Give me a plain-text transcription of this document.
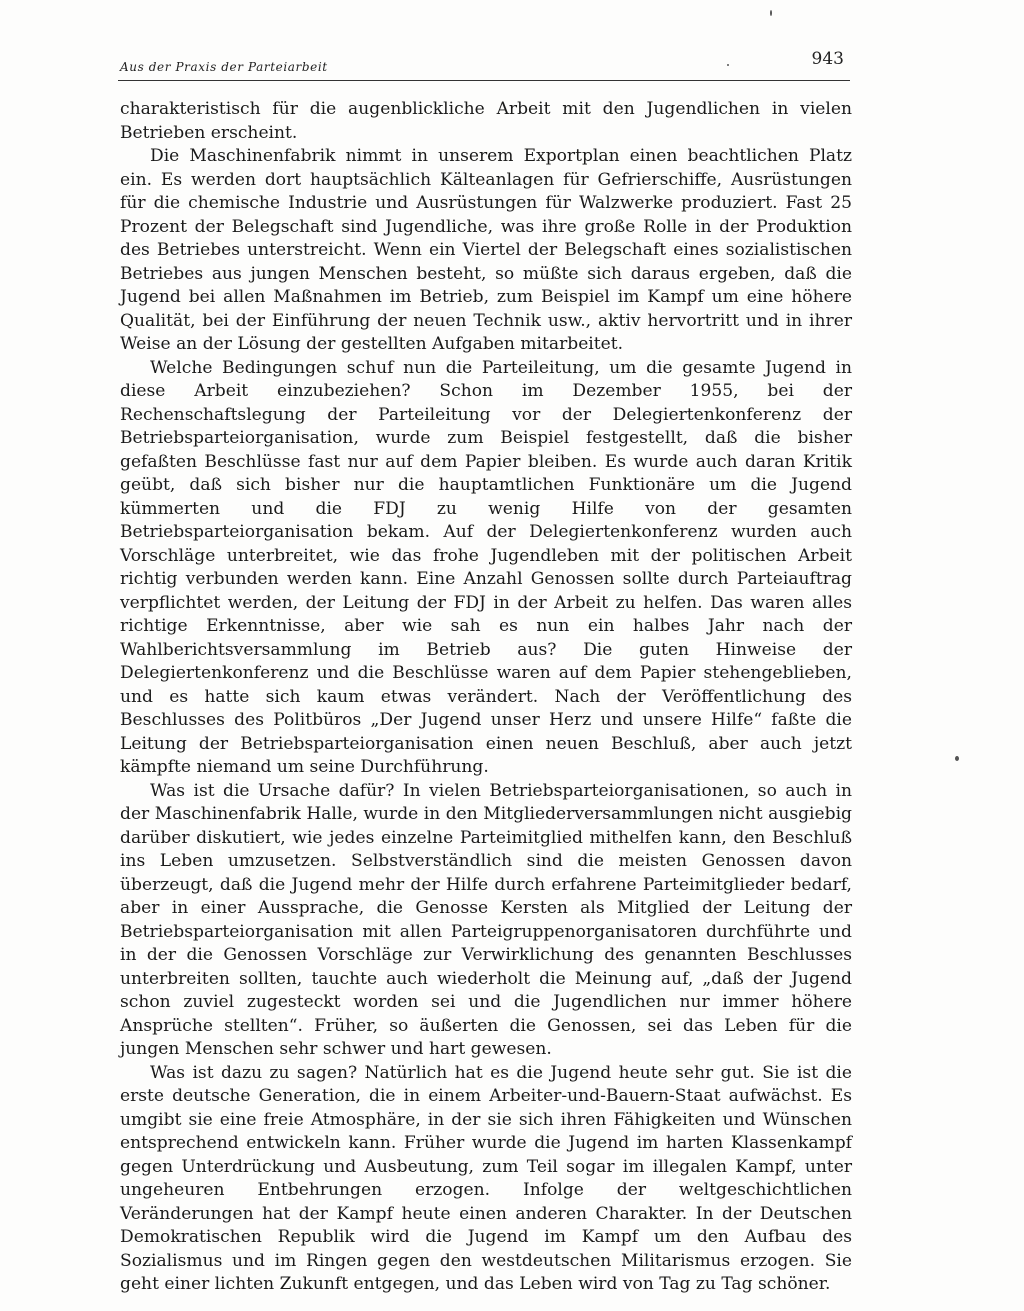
Aus der Praxis der Parteiarbeit	943

charakteristisch für die augenblickliche Arbeit mit den Jugendlichen in vielen Betrieben erscheint.

Die Maschinenfabrik nimmt in unserem Exportplan einen beachtlichen Platz ein. Es werden dort hauptsächlich Kälteanlagen für Gefrierschiffe, Ausrüstungen für die chemische Industrie und Ausrüstungen für Walzwerke produziert. Fast 25 Prozent der Belegschaft sind Jugendliche, was ihre große Rolle in der Produktion des Betriebes unterstreicht. Wenn ein Viertel der Belegschaft eines sozialistischen Betriebes aus jungen Menschen besteht, so müßte sich daraus ergeben, daß die Jugend bei allen Maßnahmen im Betrieb, zum Beispiel im Kampf um eine höhere Qualität, bei der Einführung der neuen Technik usw., aktiv hervortritt und in ihrer Weise an der Lösung der gestellten Aufgaben mitarbeitet.

Welche Bedingungen schuf nun die Parteileitung, um die gesamte Jugend in diese Arbeit einzubeziehen? Schon im Dezember 1955, bei der Rechenschaftslegung der Parteileitung vor der Delegiertenkonferenz der Betriebsparteiorganisation, wurde zum Beispiel festgestellt, daß die bisher gefaßten Beschlüsse fast nur auf dem Papier bleiben. Es wurde auch daran Kritik geübt, daß sich bisher nur die hauptamtlichen Funktionäre um die Jugend kümmerten und die FDJ zu wenig Hilfe von der gesamten Betriebsparteiorganisation bekam. Auf der Delegiertenkonferenz wurden auch Vorschläge unterbreitet, wie das frohe Jugendleben mit der politischen Arbeit richtig verbunden werden kann. Eine Anzahl Genossen sollte durch Parteiauftrag verpflichtet werden, der Leitung der FDJ in der Arbeit zu helfen. Das waren alles richtige Erkenntnisse, aber wie sah es nun ein halbes Jahr nach der Wahlberichtsversammlung im Betrieb aus? Die guten Hinweise der Delegiertenkonferenz und die Beschlüsse waren auf dem Papier stehengeblieben, und es hatte sich kaum etwas verändert. Nach der Veröffentlichung des Beschlusses des Politbüros „Der Jugend unser Herz und unsere Hilfe“ faßte die Leitung der Betriebsparteiorganisation einen neuen Beschluß, aber auch jetzt kämpfte niemand um seine Durchführung.

Was ist die Ursache dafür? In vielen Betriebsparteiorganisationen, so auch in der Maschinenfabrik Halle, wurde in den Mitgliederversammlungen nicht ausgiebig darüber diskutiert, wie jedes einzelne Parteimitglied mithelfen kann, den Beschluß ins Leben umzusetzen. Selbstverständlich sind die meisten Genossen davon überzeugt, daß die Jugend mehr der Hilfe durch erfahrene Parteimitglieder bedarf, aber in einer Aussprache, die Genosse Kersten als Mitglied der Leitung der Betriebsparteiorganisation mit allen Parteigruppenorganisatoren durchführte und in der die Genossen Vorschläge zur Verwirklichung des genannten Beschlusses unterbreiten sollten, tauchte auch wiederholt die Meinung auf, „daß der Jugend schon zuviel zugesteckt worden sei und die Jugendlichen nur immer höhere Ansprüche stellten“. Früher, so äußerten die Genossen, sei das Leben für die jungen Menschen sehr schwer und hart gewesen.

Was ist dazu zu sagen? Natürlich hat es die Jugend heute sehr gut. Sie ist die erste deutsche Generation, die in einem Arbeiter-und-Bauern-Staat aufwächst. Es umgibt sie eine freie Atmosphäre, in der sie sich ihren Fähigkeiten und Wünschen entsprechend entwickeln kann. Früher wurde die Jugend im harten Klassenkampf gegen Unterdrückung und Ausbeutung, zum Teil sogar im illegalen Kampf, unter ungeheuren Entbehrungen erzogen. Infolge der weltgeschichtlichen Veränderungen hat der Kampf heute einen anderen Charakter. In der Deutschen Demokratischen Republik wird die Jugend im Kampf um den Aufbau des Sozialismus und im Ringen gegen den westdeutschen Militarismus erzogen. Sie geht einer lichten Zukunft entgegen, und das Leben wird von Tag zu Tag schöner.
